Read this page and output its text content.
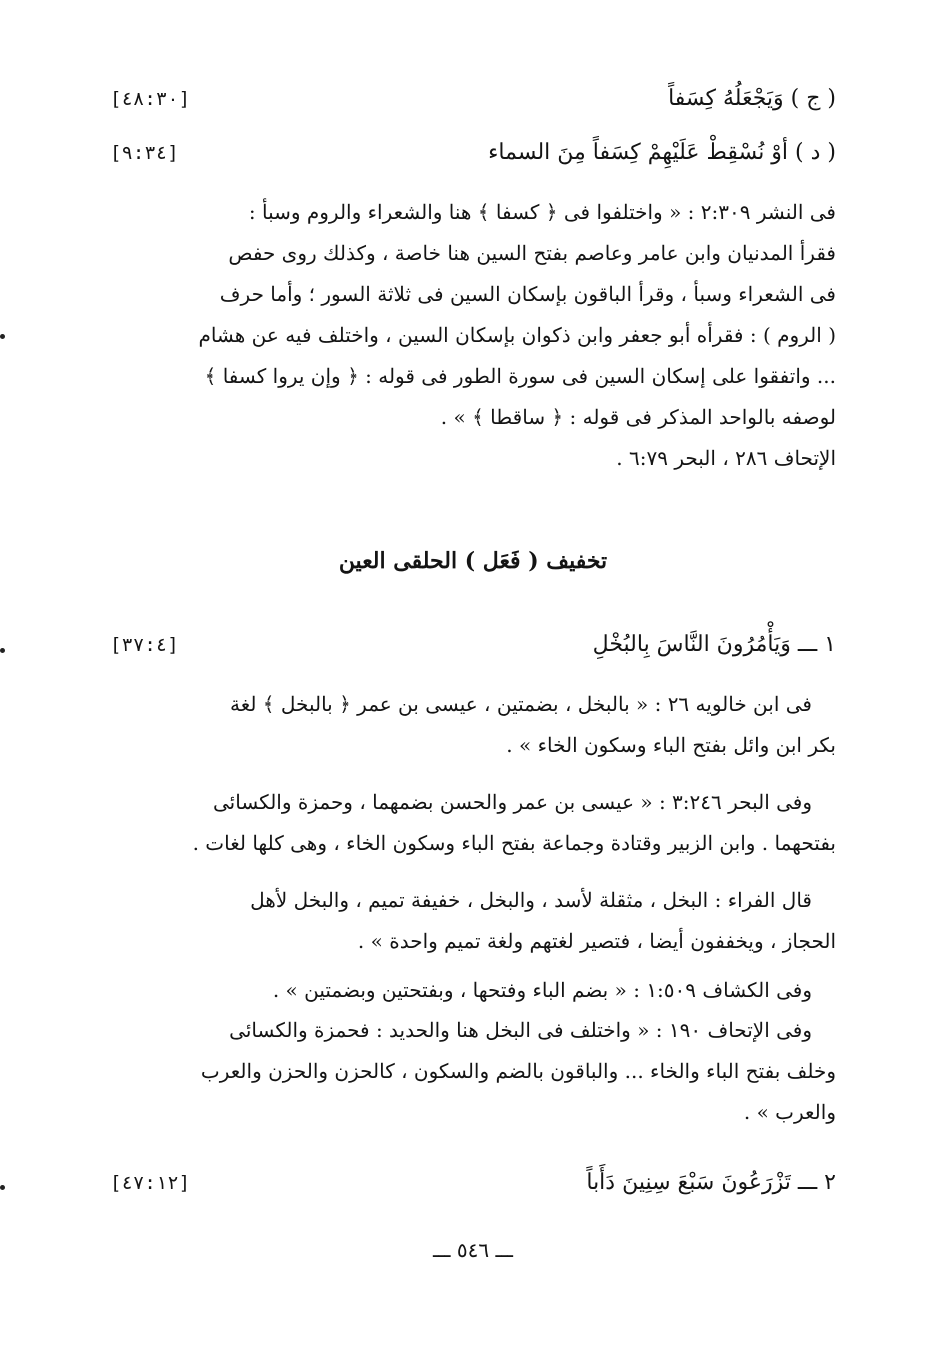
( ج ) وَيَجْعَلُهُ كِسَفاً
[٤٨:٣٠]
( د ) أوْ نُسْقِطْ عَلَيْهِمْ كِسَفاً مِنَ السماء
[٩:٣٤]
فى النشر ٢:٣٠٩ : « واختلفوا فى ﴿ كسفا ﴾ هنا والشعراء والروم وسبأ :
فقرأ المدنيان وابن عامر وعاصم بفتح السين هنا خاصة ، وكذلك روى حفص
فى الشعراء وسبأ ، وقرأ الباقون بإسكان السين فى ثلاثة السور ؛ وأما حرف
( الروم ) : فقرأه أبو جعفر وابن ذكوان بإسكان السين ، واختلف فيه عن هشام
... واتفقوا على إسكان السين فى سورة الطور فى قوله : ﴿ وإن يروا كسفا ﴾
لوصفه بالواحد المذكر فى قوله : ﴿ ساقطا ﴾ » .
الإتحاف ٢٨٦ ، البحر ٦:٧٩ .
تخفيف ( فَعَل ) الحلقى العين
١ ـــ وَيَأْمُرُونَ النَّاسَ بِالبُخْلِ
[٣٧:٤]
فى ابن خالويه ٢٦ : « بالبخل ، بضمتين ، عيسى بن عمر ﴿ بالبخل ﴾ لغة
بكر ابن وائل بفتح الباء وسكون الخاء » .
وفى البحر ٣:٢٤٦ : « عيسى بن عمر والحسن بضمهما ، وحمزة والكسائى
بفتحهما . وابن الزبير وقتادة وجماعة بفتح الباء وسكون الخاء ، وهى كلها لغات .
قال الفراء : البخل ، مثقلة لأسد ، والبخل ، خفيفة تميم ، والبخل لأهل
الحجاز ، ويخففون أيضا ، فتصير لغتهم ولغة تميم واحدة » .
وفى الكشاف ١:٥٠٩ : « بضم الباء وفتحها ، وبفتحتين وبضمتين » .
وفى الإتحاف ١٩٠ : « واختلف فى البخل هنا والحديد : فحمزة والكسائى
وخلف بفتح الباء والخاء ... والباقون بالضم والسكون ، كالحزن والحزن والعرب
والعرب » .
٢ ـــ تَزْرَعُونَ سَبْعَ سِنِينَ دَأَباً
[٤٧:١٢]
ـــ ٥٤٦ ـــ
